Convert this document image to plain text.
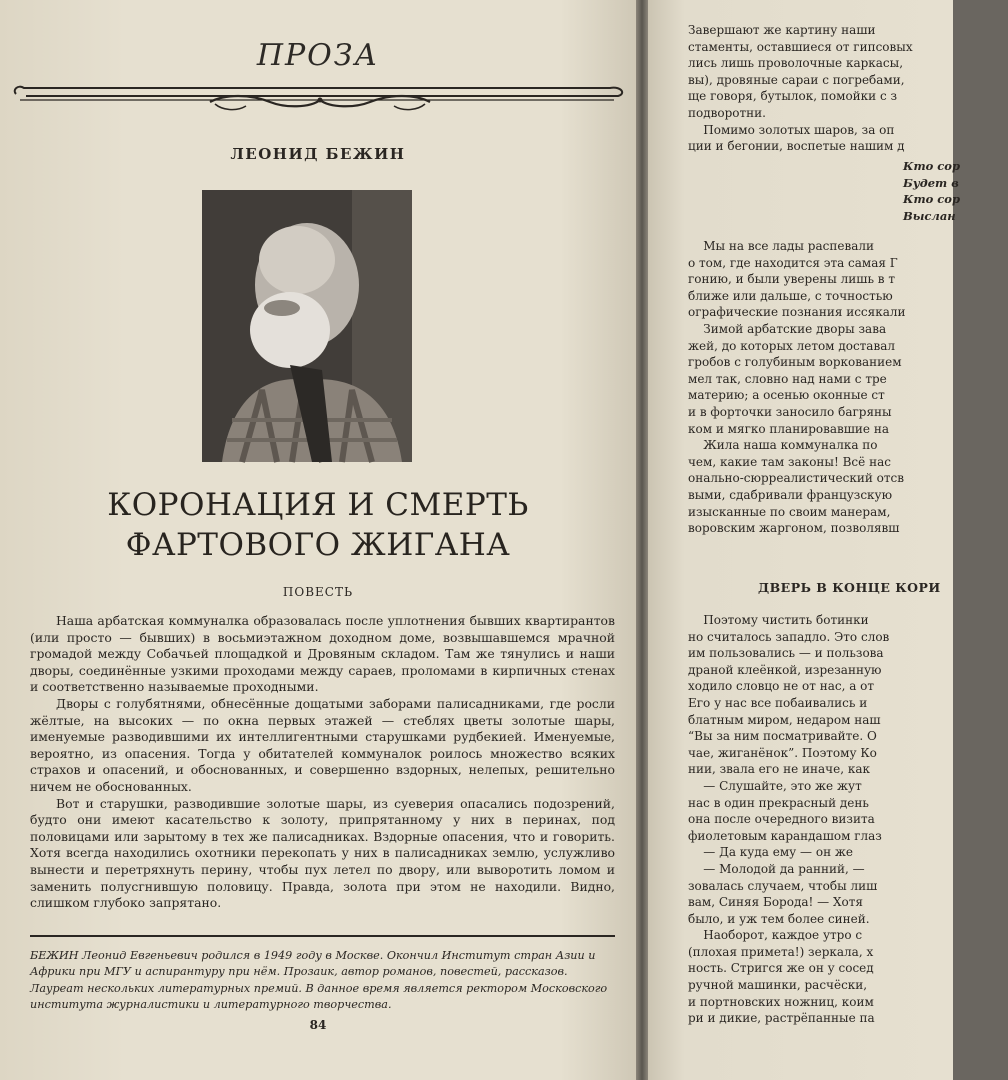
ПРОЗА
ЛЕОНИД БЕЖИН
КОРОНАЦИЯ И СМЕРТЬ
ФАРТОВОГО ЖИГАНА
ПОВЕСТЬ

Наша арбатская коммуналка образовалась после уплотнения бывших квартирантов (или просто — бывших) в восьмиэтажном доходном доме, возвышавшемся мрачной громадой между Собачьей площадкой и Дровяным складом. Там же тянулись и наши дворы, соединённые узкими проходами между сараев, проломами в кирпичных стенах и соответственно называемые проходными.

Дворы с голубятнями, обнесённые дощатыми заборами палисадниками, где росли жёлтые, на высоких — по окна первых этажей — стеблях цветы золотые шары, именуемые разводившими их интеллигентными старушками рудбекией. Именуемые, вероятно, из опасения. Тогда у обитателей коммуналок роилось множество всяких страхов и опасений, и обоснованных, и совершенно вздорных, нелепых, решительно ничем не обоснованных.

Вот и старушки, разводившие золотые шары, из суеверия опасались подозрений, будто они имеют касательство к золоту, припрятанному у них в перинах, под половицами или зарытому в тех же палисадниках. Вздорные опасения, что и говорить. Хотя всегда находились охотники перекопать у них в палисадниках землю, услужливо вынести и перетряхнуть перину, чтобы пух летел по двору, или выворотить ломом и заменить полусгнившую половицу. Правда, золота при этом не находили. Видно, слишком глубоко запрятано.

БЕЖИН Леонид Евгеньевич родился в 1949 году в Москве. Окончил Институт стран Азии и Африки при МГУ и аспирантуру при нём. Прозаик, автор романов, повестей, рассказов. Лауреат нескольких литературных премий. В данное время является ректором Московского института журналистики и литературного творчества.
84
Завершают же картину наши
стаменты, оставшиеся от гипсовых
лись лишь проволочные каркасы,
вы), дровяные сараи с погребами,
ще говоря, бутылок, помойки с з
подворотни.
Помимо золотых шаров, за оп
ции и бегонии, воспетые нашим д
Кто сор
Будет в
Кто сор
Выслан
Мы на все лады распевали
о том, где находится эта самая Г
гонию, и были уверены лишь в т
ближе или дальше, с точностью
ографические познания иссякали
Зимой арбатские дворы зава
жей, до которых летом доставал
гробов с голубиным воркованием
мел так, словно над нами с тре
материю; а осенью оконные ст
и в форточки заносило багряны
ком и мягко планировавшие на
Жила наша коммуналка по
чем, какие там законы! Всё нас
онально-сюрреалистический отсв
выми, сдабривали французскую
изысканные по своим манерам,
воровским жаргоном, позволявш
ДВЕРЬ В КОНЦЕ КОРИ
Поэтому чистить ботинки
но считалось западло. Это слов
им пользовались — и пользова
драной клеёнкой, изрезанную
ходило словцо не от нас, а от
Его у нас все побаивались и
блатным миром, недаром наш
“Вы за ним посматривайте. О
чае, жиганёнок”. Поэтому Ко
нии, звала его не иначе, как
— Слушайте, это же жут
нас в один прекрасный день
она после очередного визита
фиолетовым карандашом глаз
— Да куда ему — он же
— Молодой да ранний, —
зовалась случаем, чтобы лиш
вам, Синяя Борода! — Хотя
было, и уж тем более синей.
Наоборот, каждое утро с
(плохая примета!) зеркала, х
ность. Стригся же он у сосед
ручной машинки, расчёски,
и портновских ножниц, коим
ри и дикие, растрёпанные па
